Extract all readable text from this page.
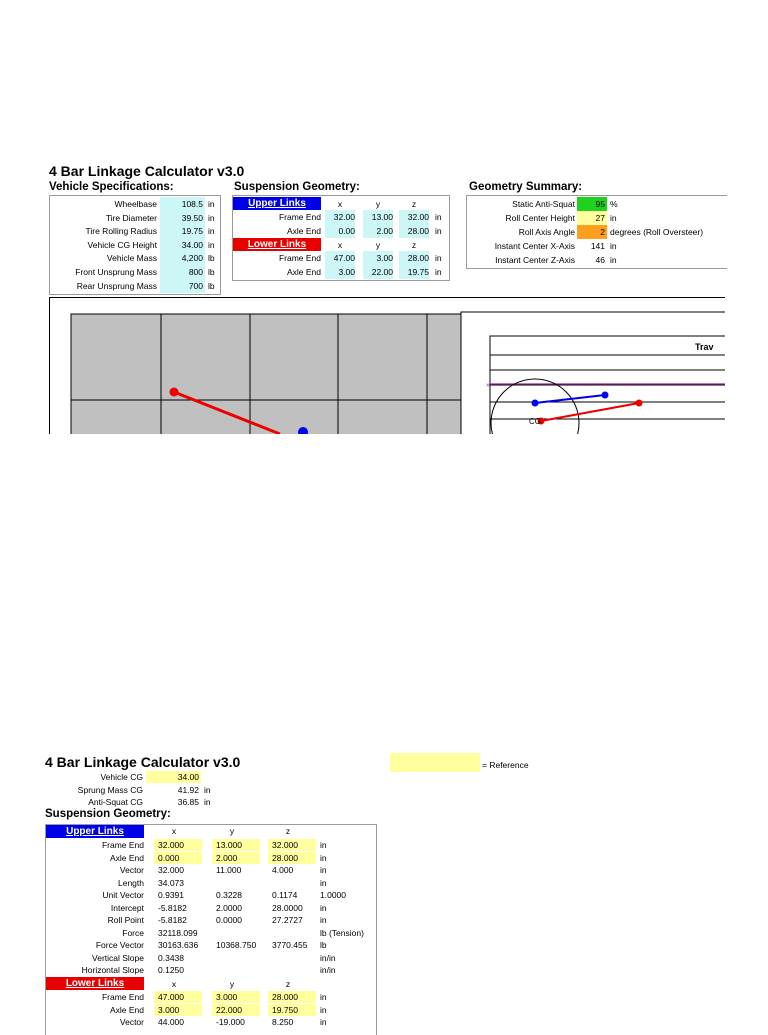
4 Bar Linkage Calculator v3.0
Vehicle Specifications:	Suspension Geometry:	Geometry Summary:
Wheelbase	108.5 in
Tire Diameter	39.50 in
Tire Rolling Radius	19.75 in
Vehicle CG Height	34.00 in
Vehicle Mass	4,200 lb
Front Unsprung Mass	800 lb
Rear Unsprung Mass	700 lb
Upper Links	x	y	z
Frame End	32.00	13.00	32.00 in
Axle End	0.00	2.00	28.00 in
Lower Links	x	y	z
Frame End	47.00	3.00	28.00 in
Axle End	3.00	22.00	19.75 in
Static Anti-Squat	95 %
Roll Center Height	27 in
Roll Axis Angle	2 degrees (Roll Oversteer)
Instant Center X-Axis	141 in
Instant Center Z-Axis	46 in
»
CG
Trav
4 Bar Linkage Calculator v3.0	= Reference
Vehicle CG	34.00
Sprung Mass CG	41.92 in
Anti-Squat CG	36.85 in
Suspension Geometry:
Upper Links	x	y	z
Frame End	32.000	13.000	32.000	in
Axle End	0.000	2.000	28.000	in
Vector	32.000	11.000	4.000	in
Length	34.073	in
Unit Vector	0.9391	0.3228	0.1174	1.0000
Intercept	-5.8182	2.0000	28.0000	in
Roll Point	-5.8182	0.0000	27.2727	in
Force	32118.099	lb (Tension)
Force Vector	30163.636	10368.750	3770.455	lb
Vertical Slope	0.3438	in/in
Horizontal Slope	0.1250	in/in
Lower Links	x	y	z
Frame End	47.000	3.000	28.000	in
Axle End	3.000	22.000	19.750	in
Vector	44.000	-19.000	8.250	in
